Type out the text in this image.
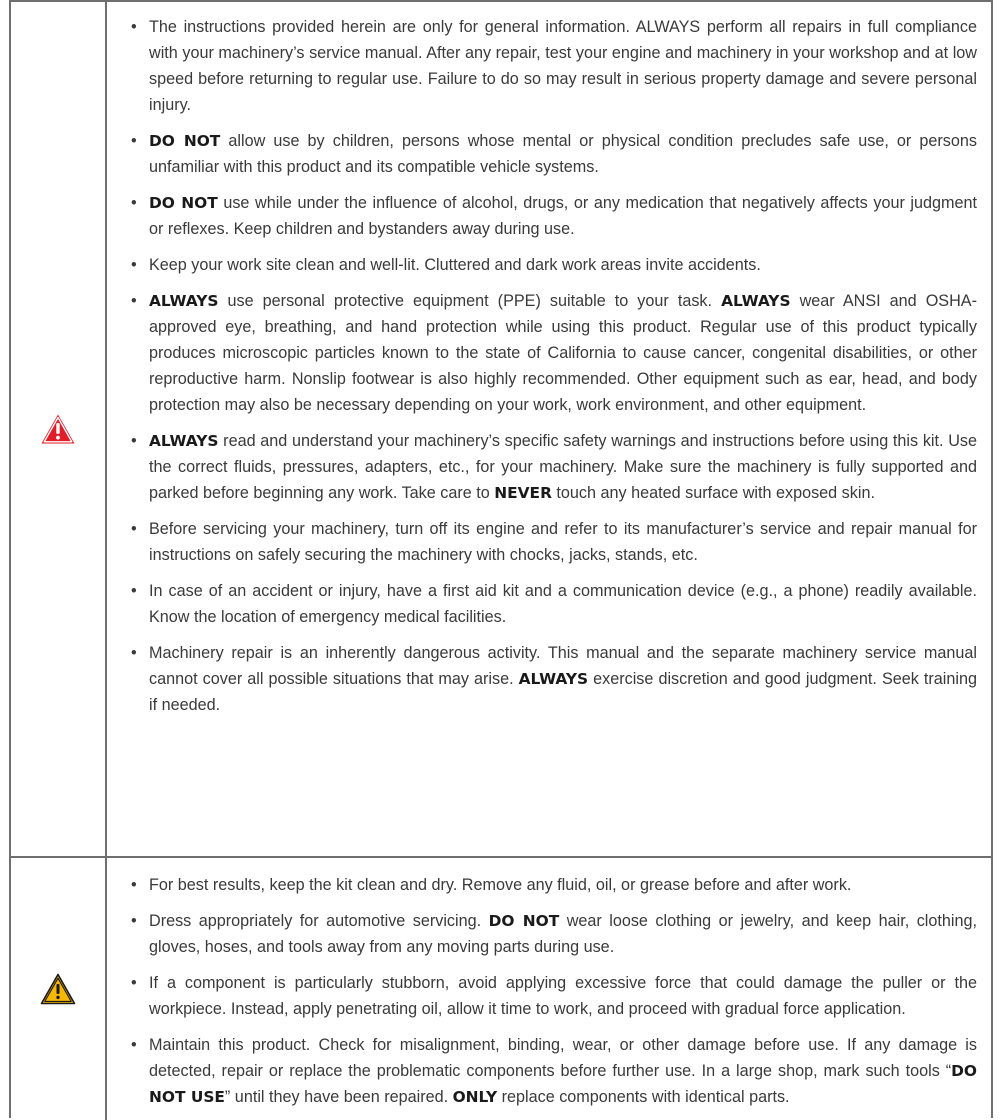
• The instructions provided herein are only for general information. ALWAYS perform all repairs in full compliance with your machinery’s service manual. After any repair, test your engine and machinery in your workshop and at low speed before returning to regular use. Failure to do so may result in serious property damage and severe personal injury.
• DO NOT allow use by children, persons whose mental or physical condition precludes safe use, or persons unfamiliar with this product and its compatible vehicle systems.
• DO NOT use while under the influence of alcohol, drugs, or any medication that negatively affects your judgment or reflexes. Keep children and bystanders away during use.
• Keep your work site clean and well-lit. Cluttered and dark work areas invite accidents.
• ALWAYS use personal protective equipment (PPE) suitable to your task. ALWAYS wear ANSI and OSHA-approved eye, breathing, and hand protection while using this product. Regular use of this product typically produces microscopic particles known to the state of California to cause cancer, congenital disabilities, or other reproductive harm. Nonslip footwear is also highly recommended. Other equipment such as ear, head, and body protection may also be necessary depending on your work, work environment, and other equipment.
• ALWAYS read and understand your machinery’s specific safety warnings and instructions before using this kit. Use the correct fluids, pressures, adapters, etc., for your machinery. Make sure the machinery is fully supported and parked before beginning any work. Take care to NEVER touch any heated surface with exposed skin.
• Before servicing your machinery, turn off its engine and refer to its manufacturer’s service and repair manual for instructions on safely securing the machinery with chocks, jacks, stands, etc.
• In case of an accident or injury, have a first aid kit and a communication device (e.g., a phone) readily available. Know the location of emergency medical facilities.
• Machinery repair is an inherently dangerous activity. This manual and the separate machinery service manual cannot cover all possible situations that may arise. ALWAYS exercise discretion and good judgment. Seek training if needed.
• For best results, keep the kit clean and dry. Remove any fluid, oil, or grease before and after work.
• Dress appropriately for automotive servicing. DO NOT wear loose clothing or jewelry, and keep hair, clothing, gloves, hoses, and tools away from any moving parts during use.
• If a component is particularly stubborn, avoid applying excessive force that could damage the puller or the workpiece. Instead, apply penetrating oil, allow it time to work, and proceed with gradual force application.
• Maintain this product. Check for misalignment, binding, wear, or other damage before use. If any damage is detected, repair or replace the problematic components before further use. In a large shop, mark such tools “DO NOT USE” until they have been repaired. ONLY replace components with identical parts.
